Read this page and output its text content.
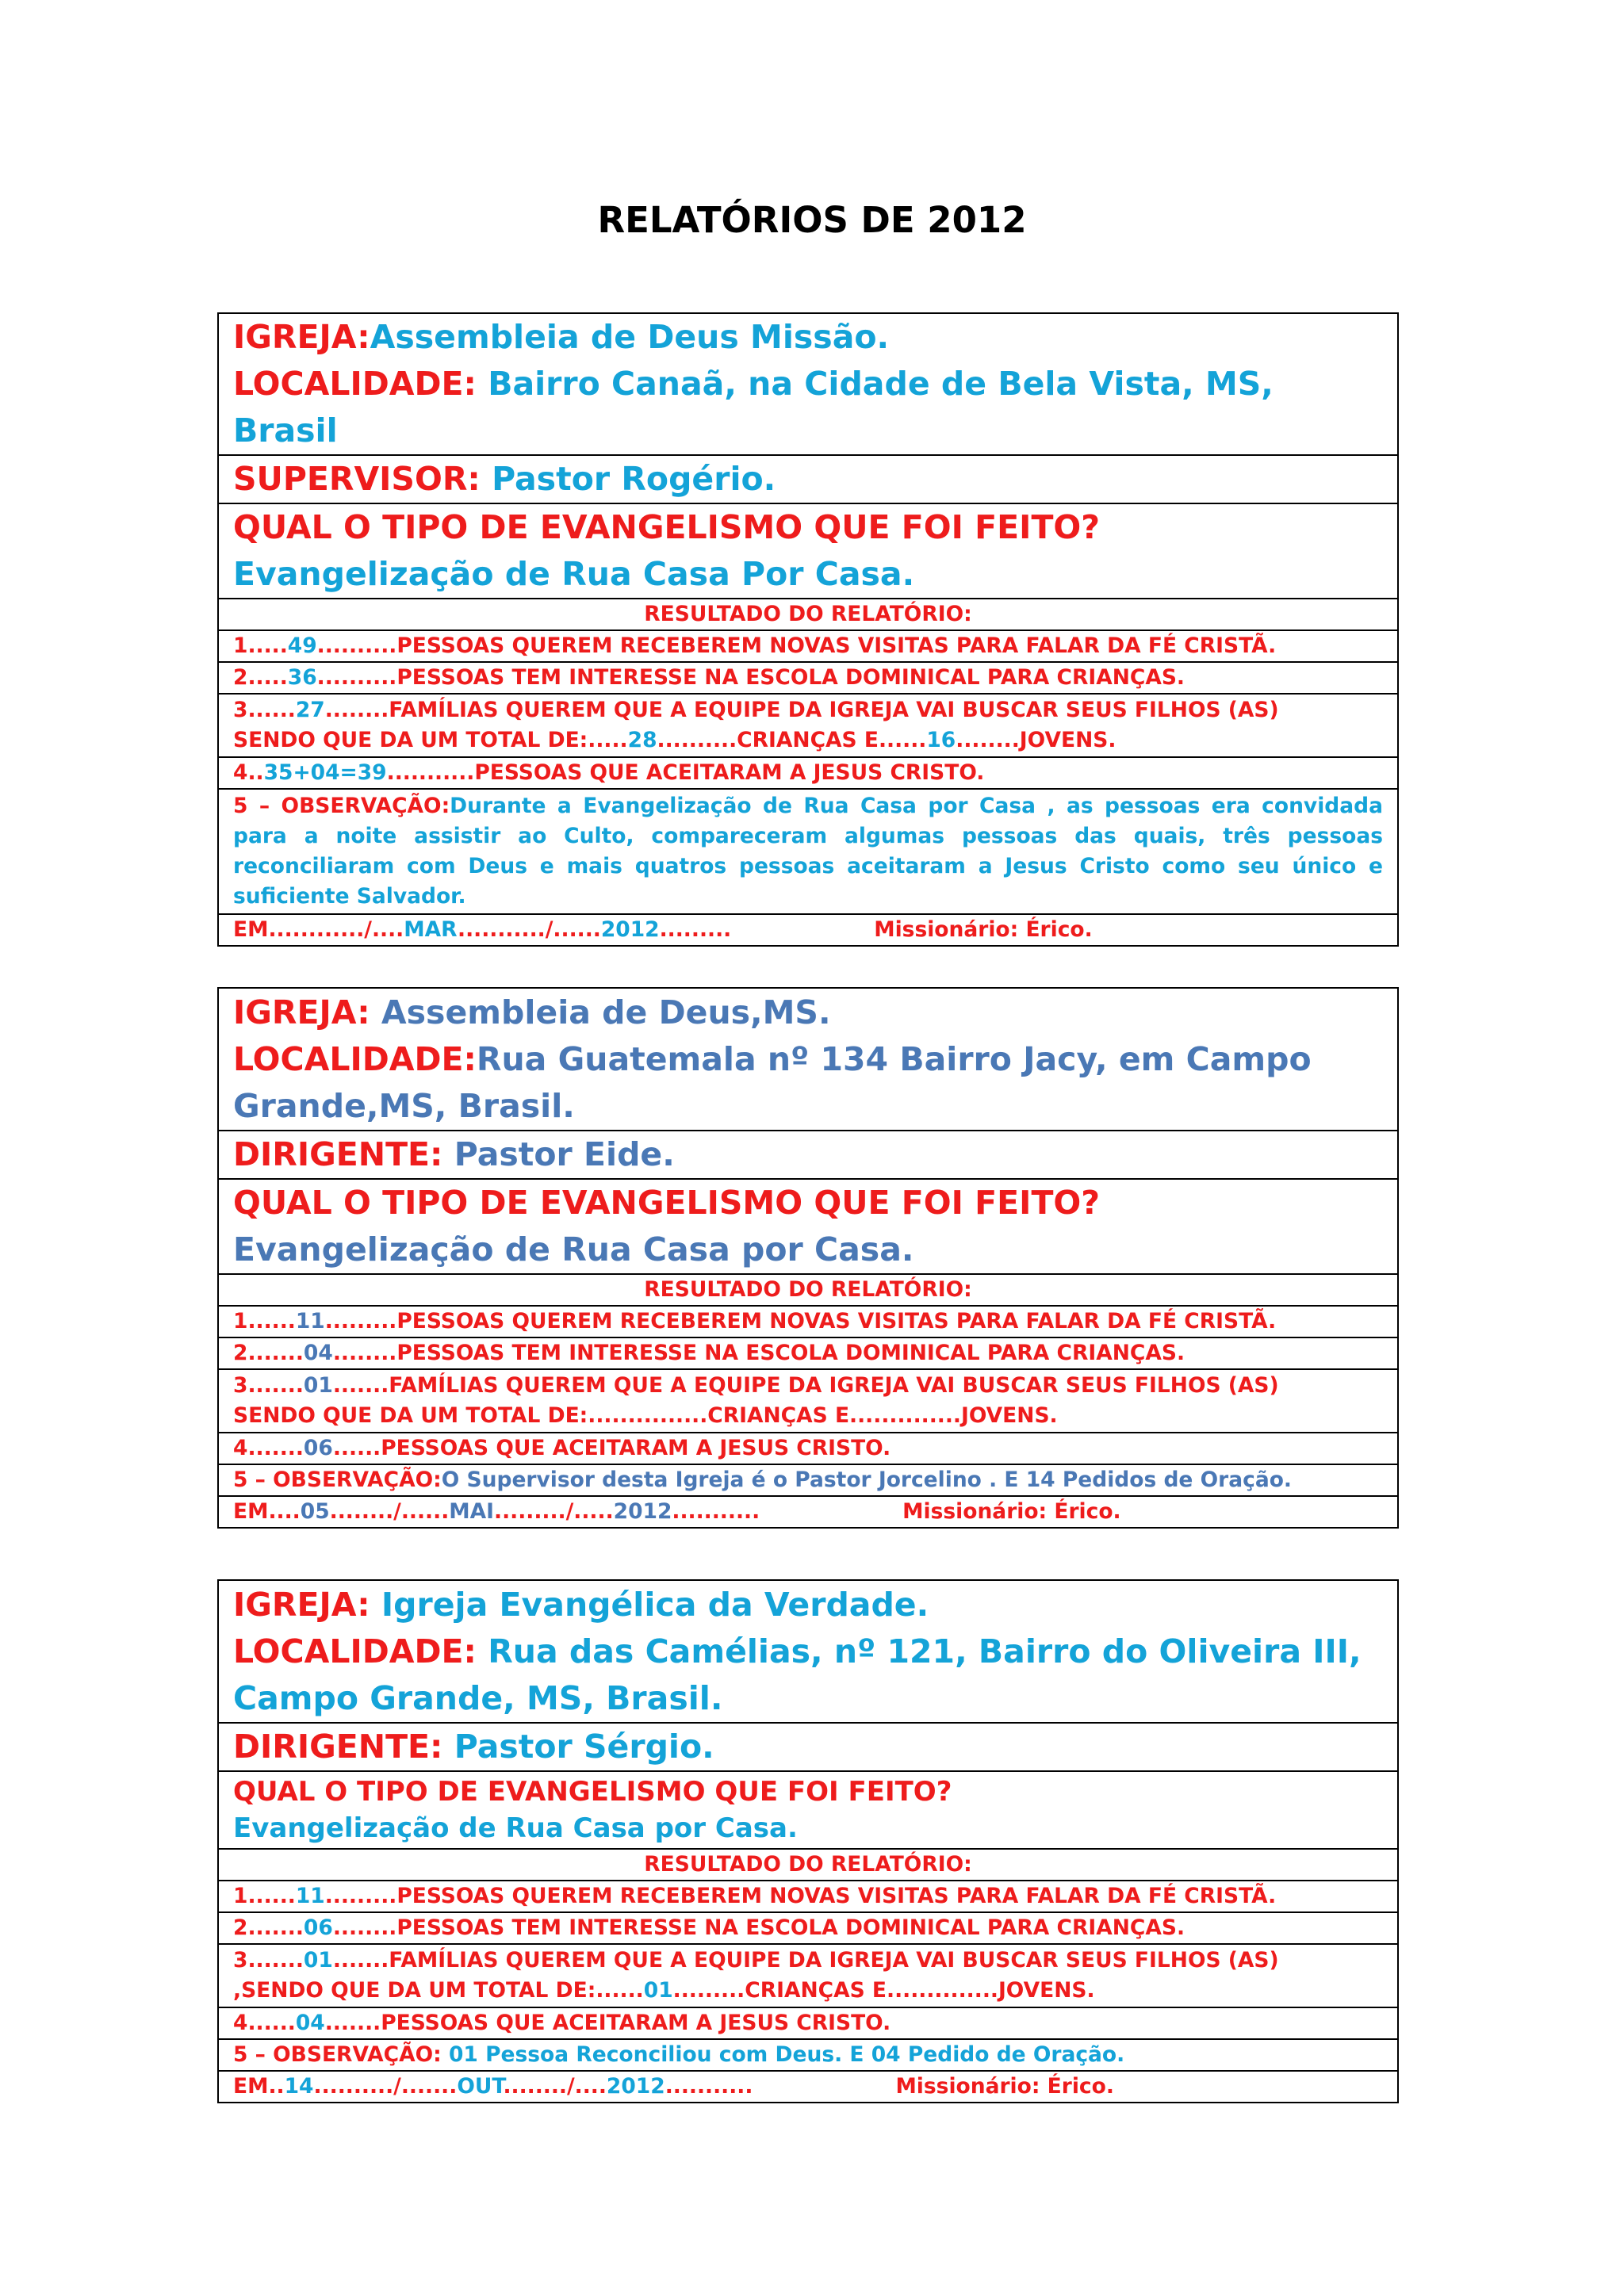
RELATÓRIOS DE 2012
IGREJA:Assembleia de Deus Missão.
LOCALIDADE: Bairro Canaã, na Cidade de Bela Vista, MS, Brasil

SUPERVISOR: Pastor Rogério.

QUAL O TIPO DE EVANGELISMO QUE FOI FEITO?
Evangelização de Rua Casa Por Casa.

RESULTADO DO RELATÓRIO:
1.....49..........PESSOAS QUEREM RECEBEREM NOVAS VISITAS PARA FALAR DA FÉ CRISTÃ.
2.....36..........PESSOAS TEM INTERESSE NA ESCOLA DOMINICAL PARA CRIANÇAS.

3......27........FAMÍLIAS QUEREM QUE A EQUIPE DA IGREJA VAI BUSCAR SEUS FILHOS (AS)
SENDO QUE DA UM TOTAL DE:.....28..........CRIANÇAS E......16........JOVENS.

4..35+04=39...........PESSOAS QUE ACEITARAM A JESUS CRISTO.
5 – OBSERVAÇÃO:Durante a Evangelização de Rua Casa por Casa , as pessoas era convidada para a noite assistir ao Culto, compareceram algumas pessoas das quais, três pessoas reconciliaram com Deus e mais quatros pessoas aceitaram a Jesus Cristo como seu único e suficiente Salvador.
EM............/....MAR.........../......2012.........	Missionário: Érico.
IGREJA: Assembleia de Deus,MS.
LOCALIDADE:Rua Guatemala nº 134 Bairro Jacy, em Campo Grande,MS, Brasil.

DIRIGENTE: Pastor Eide.

QUAL O TIPO DE EVANGELISMO QUE FOI FEITO?
Evangelização de Rua Casa por Casa.

RESULTADO DO RELATÓRIO:
1......11.........PESSOAS QUEREM RECEBEREM NOVAS VISITAS PARA FALAR DA FÉ CRISTÃ.
2.......04........PESSOAS TEM INTERESSE NA ESCOLA DOMINICAL PARA CRIANÇAS.

3.......01.......FAMÍLIAS QUEREM QUE A EQUIPE DA IGREJA VAI BUSCAR SEUS FILHOS (AS)
SENDO QUE DA UM TOTAL DE:...............CRIANÇAS E..............JOVENS.

4.......06......PESSOAS QUE ACEITARAM A JESUS CRISTO.
5 – OBSERVAÇÃO:O Supervisor desta Igreja é o Pastor Jorcelino . E 14 Pedidos de Oração.
EM....05......../......MAI........./.....2012...........	Missionário: Érico.
IGREJA: Igreja Evangélica da Verdade.
LOCALIDADE: Rua das Camélias, nº 121, Bairro do Oliveira III, Campo Grande, MS, Brasil.

DIRIGENTE: Pastor Sérgio.

QUAL O TIPO DE EVANGELISMO QUE FOI FEITO?
Evangelização de Rua Casa por Casa.

RESULTADO DO RELATÓRIO:
1......11.........PESSOAS QUEREM RECEBEREM NOVAS VISITAS PARA FALAR DA FÉ CRISTÃ.
2.......06........PESSOAS TEM INTERESSE NA ESCOLA DOMINICAL PARA CRIANÇAS.

3.......01.......FAMÍLIAS QUEREM QUE A EQUIPE DA IGREJA VAI BUSCAR SEUS FILHOS (AS)
,SENDO QUE DA UM TOTAL DE:......01.........CRIANÇAS E..............JOVENS.

4......04.......PESSOAS QUE ACEITARAM A JESUS CRISTO.
5 – OBSERVAÇÃO: 01 Pessoa Reconciliou com Deus. E 04 Pedido de Oração.
EM..14........../.......OUT......../....2012...........	Missionário: Érico.
